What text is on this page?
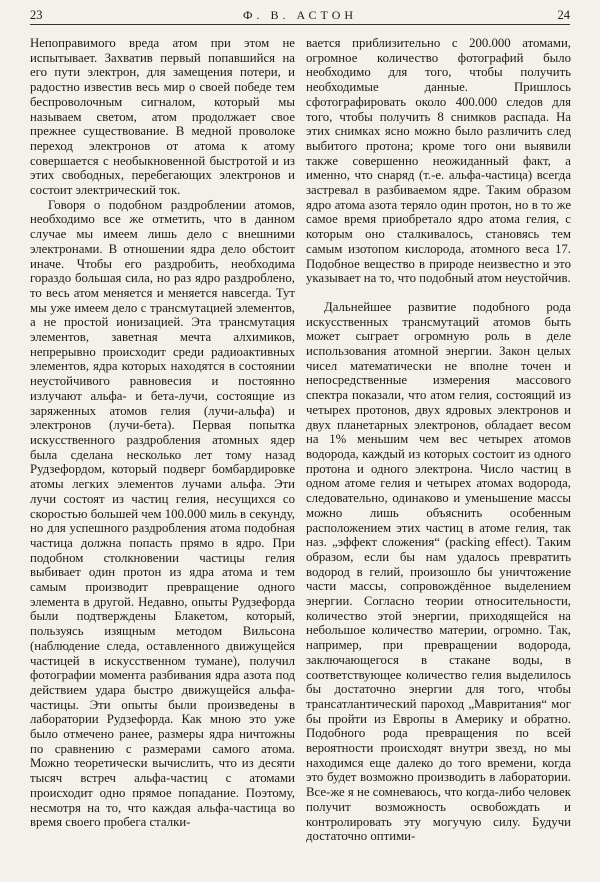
23	Ф. В. АСТОН	24

Непоправимого вреда атом при этом не испытывает. Захватив первый попавшийся на его пути электрон, для замещения потери, и радостно известив весь мир о своей победе тем беспроволочным сигналом, который мы называем светом, атом продолжает свое прежнее существование. В медной проволоке переход электронов от атома к атому совершается с необыкновенной быстротой и из этих свободных, перебегающих электронов и состоит электрический ток.

Говоря о подобном раздроблении атомов, необходимо все же отметить, что в данном случае мы имеем лишь дело с внешними электронами. В отношении ядра дело обстоит иначе. Чтобы его раздробить, необходима гораздо большая сила, но раз ядро раздроблено, то весь атом меняется и меняется навсегда. Тут мы уже имеем дело с трансмутацией элементов, а не простой ионизацией. Эта трансмутация элементов, заветная мечта алхимиков, непрерывно происходит среди радиоактивных элементов, ядра которых находятся в состоянии неустойчивого равновесия и постоянно излучают альфа- и бета-лучи, состоящие из заряженных атомов гелия (лучи-альфа) и электронов (лучи-бета). Первая попытка искусственного раздробления атомных ядер была сделана несколько лет тому назад Рудзефордом, который подверг бомбардировке атомы легких элементов лучами альфа. Эти лучи состоят из частиц гелия, несущихся со скоростью большей чем 100.000 миль в секунду, но для успешного раздробления атома подобная частица должна попасть прямо в ядро. При подобном столкновении частицы гелия выбивает один протон из ядра атома и тем самым производит превращение одного элемента в другой. Недавно, опыты Рудзефорда были подтверждены Блакетом, который, пользуясь изящным методом Вильсона (наблюдение следа, оставленного движущейся частицей в искусственном тумане), получил фотографии момента разбивания ядра азота под действием удара быстро движущейся альфа-частицы. Эти опыты были произведены в лаборатории Рудзефорда. Как мною это уже было отмечено ранее, размеры ядра ничтожны по сравнению с размерами самого атома. Можно теоретически вычислить, что из десяти тысяч встреч альфа-частиц с атомами происходит одно прямое попадание. Поэтому, несмотря на то, что каждая альфа-частица во время своего пробега сталки-

вается приблизительно с 200.000 атомами, огромное количество фотографий было необходимо для того, чтобы получить необходимые данные. Пришлось сфотографировать около 400.000 следов для того, чтобы получить 8 снимков распада. На этих снимках ясно можно было различить след выбитого протона; кроме того они выявили также совершенно неожиданный факт, а именно, что снаряд (т.-е. альфа-частица) всегда застревал в разбиваемом ядре. Таким образом ядро атома азота теряло один протон, но в то же самое время приобретало ядро атома гелия, с которым оно сталкивалось, становясь тем самым изотопом кислорода, атомного веса 17. Подобное вещество в природе неизвестно и это указывает на то, что подобный атом неустойчив.

Дальнейшее развитие подобного рода искусственных трансмутаций атомов быть может сыграет огромную роль в деле использования атомной энергии. Закон целых чисел математически не вполне точен и непосредственные измерения массового спектра показали, что атом гелия, состоящий из четырех протонов, двух ядровых электронов и двух планетарных электронов, обладает весом на 1% меньшим чем вес четырех атомов водорода, каждый из которых состоит из одного протона и одного электрона. Число частиц в одном атоме гелия и четырех атомах водорода, следовательно, одинаково и уменьшение массы можно лишь объяснить особенным расположением этих частиц в атоме гелия, так наз. „эффект сложения“ (packing effect). Таким образом, если бы нам удалось превратить водород в гелий, произошло бы уничтожение части массы, сопровождённое выделением энергии. Согласно теории относительности, количество этой энергии, приходящейся на небольшое количество материи, огромно. Так, например, при превращении водорода, заключающегося в стакане воды, в соответствующее количество гелия выделилось бы достаточно энергии для того, чтобы трансатлантический пароход „Мавритания“ мог бы пройти из Европы в Америку и обратно. Подобного рода превращения по всей вероятности происходят внутри звезд, но мы находимся еще далеко до того времени, когда это будет возможно производить в лаборатории. Все-же я не сомневаюсь, что когда-либо человек получит возможность освобождать и контролировать эту могучую силу. Будучи достаточно оптими-
